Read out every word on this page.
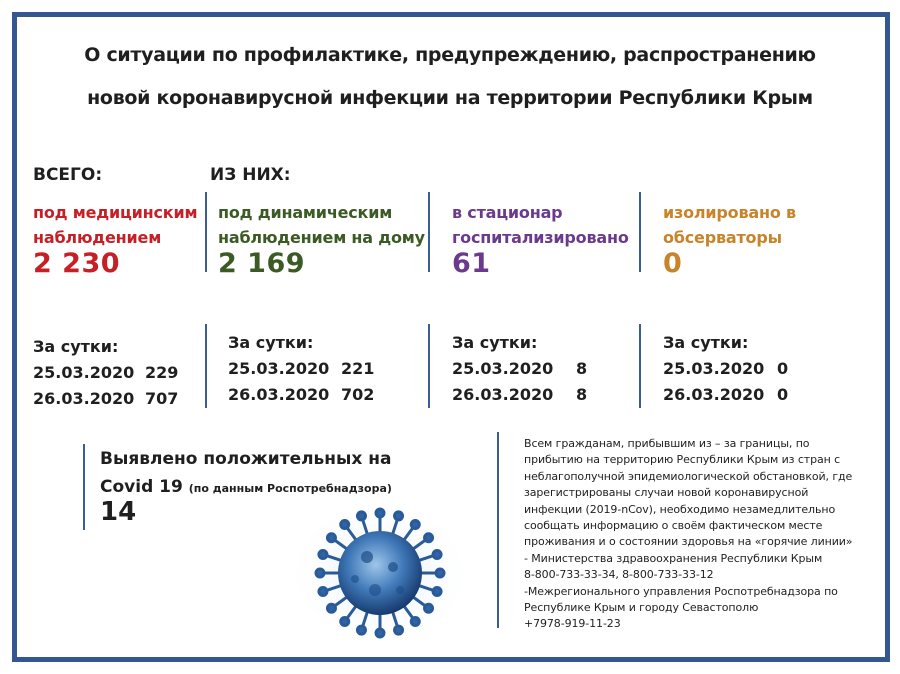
О ситуации по профилактике, предупреждению, распространению
новой коронавирусной инфекции на территории Республики Крым
ВСЕГО:	ИЗ НИХ:
под медицинским
наблюдением
2 230
под динамическим
наблюдением на дому
2 169
в стационар
госпитализировано
61
изолировано в
обсерваторы
0
За сутки:
25.03.2020 229
26.03.2020 707
За сутки:
25.03.2020 221
26.03.2020 702
За сутки:
25.03.2020	8
26.03.2020	8
За сутки:
25.03.2020 0
26.03.2020 0
Выявлено положительных на
Covid 19 (по данным Роспотребнадзора)
14
Всем гражданам, прибывшим из – за границы, по
прибытию на территорию Республики Крым из стран с
неблагополучной эпидемиологической обстановкой, где
зарегистрированы случаи новой коронавирусной
инфекции (2019-nCov), необходимо незамедлительно
сообщать информацию о своём фактическом месте
проживания и о состоянии здоровья на «горячие линии»
- Министерства здравоохранения Республики Крым
8-800-733-33-34, 8-800-733-33-12
-Межрегионального управления Роспотребнадзора по
Республике Крым и городу Севастополю
+7978-919-11-23
